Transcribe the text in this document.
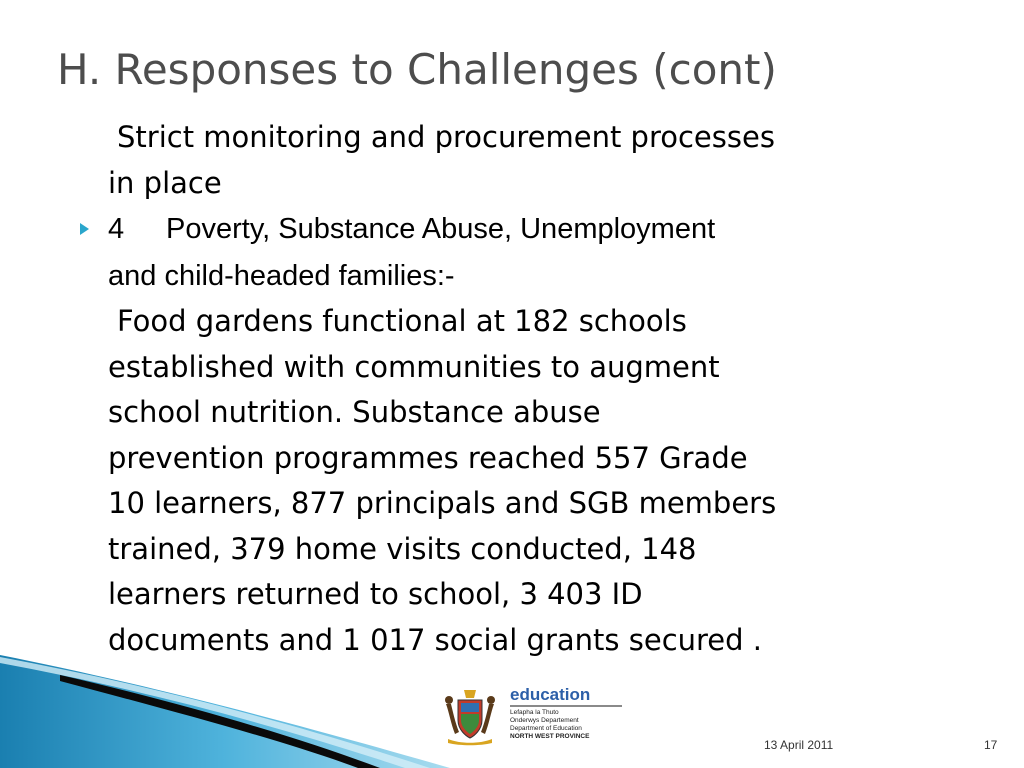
H. Responses to Challenges (cont)

Strict monitoring and procurement processes
in place

4 Poverty, Substance Abuse, Unemployment
and child-headed families:-

Food gardens functional at 182 schools
established with communities to augment
school nutrition. Substance abuse
prevention programmes reached 557 Grade
10 learners, 877 principals and SGB members
trained, 379 home visits conducted, 148
learners returned to school, 3 403 ID
documents and 1 017 social grants secured .

education
Lefapha la Thuto
Onderwys Departement
Department of Education
NORTH WEST PROVINCE
13 April 2011	17
